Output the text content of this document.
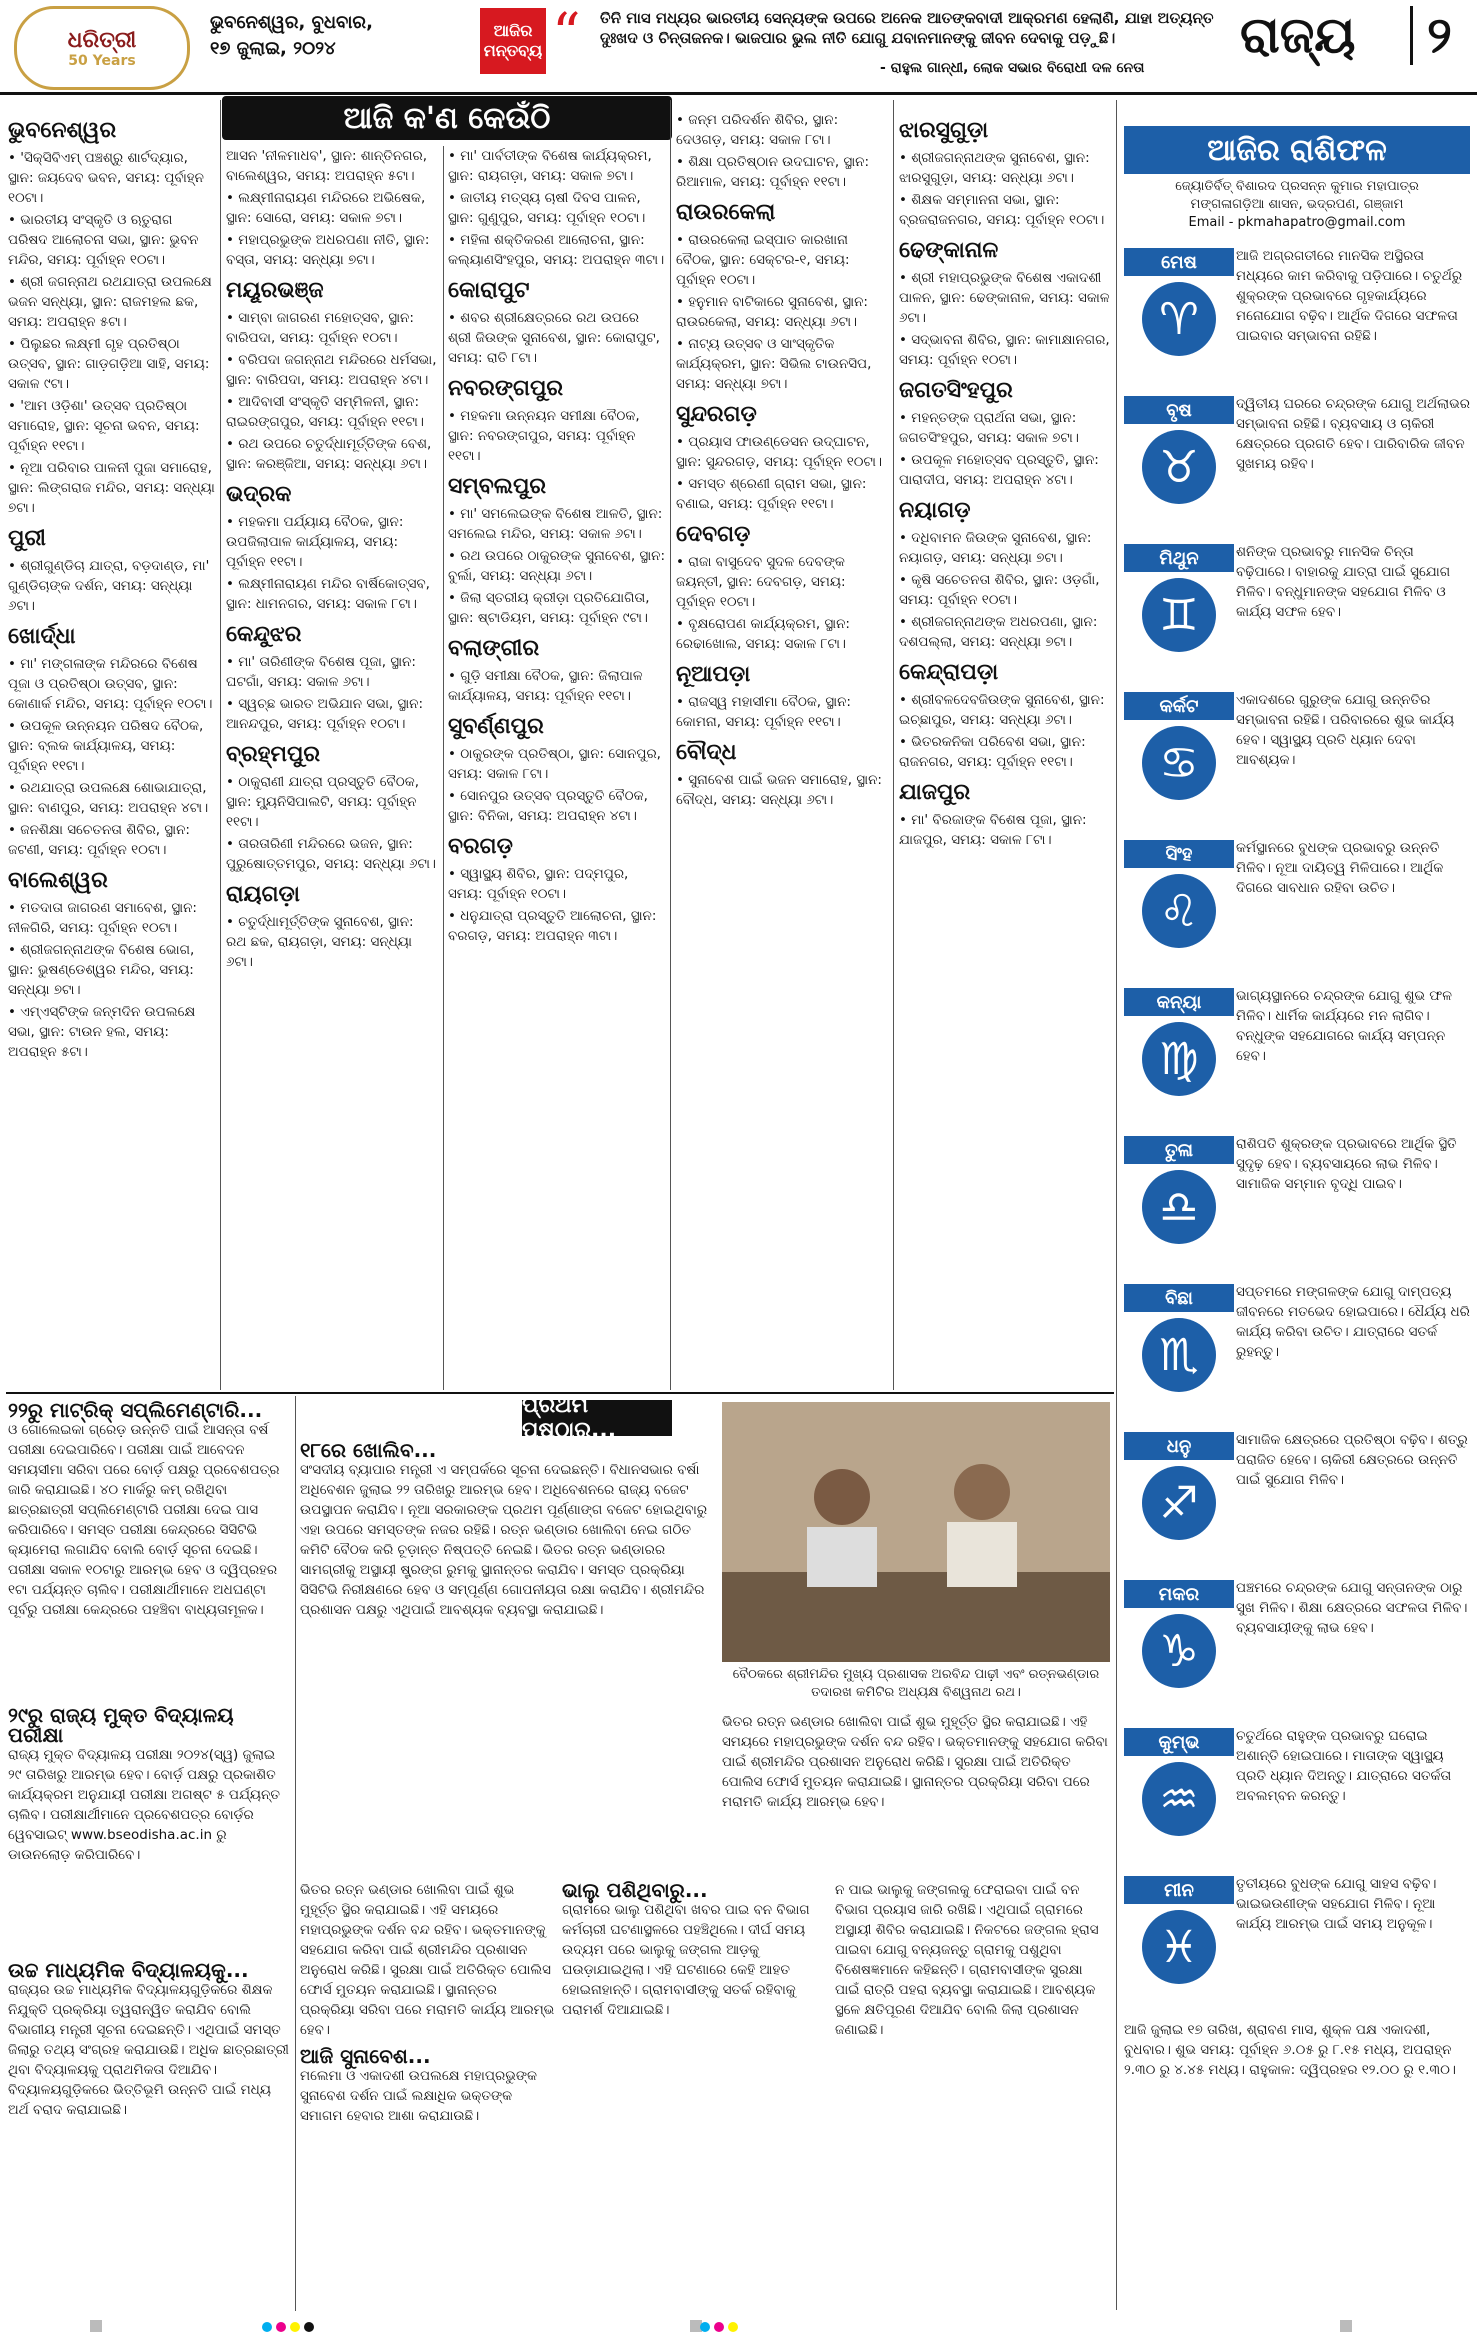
ଧରିତ୍ରୀ
50 Years
ଭୁବନେଶ୍ୱର, ବୁଧବାର,
୧୭ ଜୁଲାଇ, ୨୦୨୪
ଆଜିର ମନ୍ତବ୍ୟ “ ତିନି ମାସ ମଧ୍ୟର ଭାରତୀୟ ସେନ୍ୟଙ୍କ ଉପରେ ଅନେକ ଆତଙ୍କବାଦୀ ଆକ୍ରମଣ ହେଲାଣି, ଯାହା ଅତ୍ୟନ୍ତ ଦୁଃଖଦ ଓ ଚିନ୍ତାଜନକ। ଭାଜପାର ଭୁଲ ନୀତି ଯୋଗୁ ଯବାନମାନଙ୍କୁ ଜୀବନ ଦେବାକୁ ପଡ଼ୁଛି।
- ରାହୁଲ ଗାନ୍ଧୀ, ଲୋକ ସଭାର ବିରୋଧୀ ଦଳ ନେତା
ରାଜ୍ୟ	୨
ଆଜି କ'ଣ କେଉଁଠି
ଭୁବନେଶ୍ୱର

• 'ସିକ୍ସିବିଏମ୍ ପଞ୍ଚଶ୍ରୁ ଶାର୍ଟଦ୍ୟାର, ସ୍ଥାନ: ଜୟଦେବ ଭବନ, ସମୟ: ପୂର୍ବାହ୍ନ ୧୦ଟା।

• ଭାରତୀୟ ସଂସ୍କୃତି ଓ ଋତୁରାଗ ପରିଷଦ ଆଲୋଚନା ସଭା, ସ୍ଥାନ: ଭୁବନ ମନ୍ଦିର, ସମୟ: ପୂର୍ବାହ୍ନ ୧୦ଟା।

• ଶ୍ରୀ ଜଗନ୍ନାଥ ରଥଯାତ୍ରା ଉପଲକ୍ଷେ ଭଜନ ସନ୍ଧ୍ୟା, ସ୍ଥାନ: ରାଜମହଲ ଛକ, ସମୟ: ଅପରାହ୍ନ ୫ଟା।

• ପିଲୁଛର ଲକ୍ଷ୍ମୀ ଗୃହ ପ୍ରତିଷ୍ଠା ଉତ୍ସବ, ସ୍ଥାନ: ଗାଡ଼ଗଡ଼ିଆ ସାହି, ସମୟ: ସକାଳ ୯ଟା।

• 'ଆମ ଓଡ଼ିଶା' ଉତ୍ସବ ପ୍ରତିଷ୍ଠା ସମାରୋହ, ସ୍ଥାନ: ସୂଚନା ଭବନ, ସମୟ: ପୂର୍ବାହ୍ନ ୧୧ଟା।

• ନୂଆ ପରିବାର ପାଳନୀ ପୁଜା ସମାରୋହ, ସ୍ଥାନ: ଲିଙ୍ଗରାଜ ମନ୍ଦିର, ସମୟ: ସନ୍ଧ୍ୟା ୭ଟା।

ପୁରୀ

• ଶ୍ରୀଗୁଣ୍ଡିଚା ଯାତ୍ରା, ବଡ଼ଦାଣ୍ଡ, ମା' ଗୁଣ୍ଡିଚାଙ୍କ ଦର୍ଶନ, ସମୟ: ସନ୍ଧ୍ୟା ୬ଟା।

ଖୋର୍ଦ୍ଧା

• ମା' ମଙ୍ଗଳାଙ୍କ ମନ୍ଦିରରେ ବିଶେଷ ପୂଜା ଓ ପ୍ରତିଷ୍ଠା ଉତ୍ସବ, ସ୍ଥାନ: କୋଣାର୍କ ମନ୍ଦିର, ସମୟ: ପୂର୍ବାହ୍ନ ୧୦ଟା।

• ଉପକୂଳ ଉନ୍ନୟନ ପରିଷଦ ବୈଠକ, ସ୍ଥାନ: ବ୍ଲକ କାର୍ଯ୍ୟାଳୟ, ସମୟ: ପୂର୍ବାହ୍ନ ୧୧ଟା।

• ରଥଯାତ୍ରା ଉପଲକ୍ଷେ ଶୋଭାଯାତ୍ରା, ସ୍ଥାନ: ବାଣପୁର, ସମୟ: ଅପରାହ୍ନ ୪ଟା।

• ଜନଶିକ୍ଷା ସଚେତନତା ଶିବିର, ସ୍ଥାନ: ଜଟଣୀ, ସମୟ: ପୂର୍ବାହ୍ନ ୧୦ଟା।

ବାଲେଶ୍ୱର

• ମତଦାତା ଜାଗରଣ ସମାବେଶ, ସ୍ଥାନ: ନୀଳଗିରି, ସମୟ: ପୂର୍ବାହ୍ନ ୧୦ଟା।

• ଶ୍ରୀଜଗନ୍ନାଥଙ୍କ ବିଶେଷ ଭୋଗ, ସ୍ଥାନ: ଭୁଷଣ୍ଡେଶ୍ୱର ମନ୍ଦିର, ସମୟ: ସନ୍ଧ୍ୟା ୭ଟା।

• ଏମ୍‌ଏସ୍‌ଟିଙ୍କ ଜନ୍ମଦିନ ଉପଲକ୍ଷେ ସଭା, ସ୍ଥାନ: ଟାଉନ ହଲ, ସମୟ: ଅପରାହ୍ନ ୫ଟା।

ଆସନ 'ନୀଳମାଧବ', ସ୍ଥାନ: ଶାନ୍ତିନଗର, ବାଲେଶ୍ୱର, ସମୟ: ଅପରାହ୍ନ ୫ଟା।

• ଲକ୍ଷ୍ମୀନାରାୟଣ ମନ୍ଦିରରେ ଅଭିଷେକ, ସ୍ଥାନ: ସୋରୋ, ସମୟ: ସକାଳ ୭ଟା।

• ମହାପ୍ରଭୁଙ୍କ ଅଧରପଣା ନୀତି, ସ୍ଥାନ: ବସ୍ତା, ସମୟ: ସନ୍ଧ୍ୟା ୭ଟା।

ମୟୂରଭଞ୍ଜ

• ସାମ୍ବା ଜାଗରଣ ମହୋତ୍ସବ, ସ୍ଥାନ: ବାରିପଦା, ସମୟ: ପୂର୍ବାହ୍ନ ୧୦ଟା।

• ବରିପଦା ଜଗନ୍ନାଥ ମନ୍ଦିରରେ ଧର୍ମସଭା, ସ୍ଥାନ: ବାରିପଦା, ସମୟ: ଅପରାହ୍ନ ୪ଟା।

• ଆଦିବାସୀ ସଂସ୍କୃତି ସମ୍ମିଳନୀ, ସ୍ଥାନ: ରାଇରଙ୍ଗପୁର, ସମୟ: ପୂର୍ବାହ୍ନ ୧୧ଟା।

• ରଥ ଉପରେ ଚତୁର୍ଦ୍ଧାମୂର୍ତ୍ତିଙ୍କ ବେଶ, ସ୍ଥାନ: କରଞ୍ଜିଆ, ସମୟ: ସନ୍ଧ୍ୟା ୬ଟା।

ଭଦ୍ରକ

• ମହକମା ପର୍ଯ୍ୟାୟ ବୈଠକ, ସ୍ଥାନ: ଉପଜିଲାପାଳ କାର୍ଯ୍ୟାଳୟ, ସମୟ: ପୂର୍ବାହ୍ନ ୧୧ଟା।

• ଲକ୍ଷ୍ମୀନାରାୟଣ ମନ୍ଦିର ବାର୍ଷିକୋତ୍ସବ, ସ୍ଥାନ: ଧାମନଗର, ସମୟ: ସକାଳ ୮ଟା।

କେନ୍ଦୁଝର

• ମା' ତାରିଣୀଙ୍କ ବିଶେଷ ପୂଜା, ସ୍ଥାନ: ଘଟଗାଁ, ସମୟ: ସକାଳ ୬ଟା।

• ସ୍ୱଚ୍ଛ ଭାରତ ଅଭିଯାନ ସଭା, ସ୍ଥାନ: ଆନନ୍ଦପୁର, ସମୟ: ପୂର୍ବାହ୍ନ ୧୦ଟା।

ବ୍ରହ୍ମପୁର

• ଠାକୁରାଣୀ ଯାତ୍ରା ପ୍ରସ୍ତୁତି ବୈଠକ, ସ୍ଥାନ: ମ୍ୟୁନିସିପାଲଟି, ସମୟ: ପୂର୍ବାହ୍ନ ୧୧ଟା।

• ତାରତାରିଣୀ ମନ୍ଦିରରେ ଭଜନ, ସ୍ଥାନ: ପୁରୁଷୋତ୍ତମପୁର, ସମୟ: ସନ୍ଧ୍ୟା ୬ଟା।

ରାୟଗଡ଼ା

• ଚତୁର୍ଦ୍ଧାମୂର୍ତ୍ତିଙ୍କ ସୁନାବେଶ, ସ୍ଥାନ: ରଥ ଛକ, ରାୟଗଡ଼ା, ସମୟ: ସନ୍ଧ୍ୟା ୬ଟା।

• ମା' ପାର୍ବତୀଙ୍କ ବିଶେଷ କାର୍ଯ୍ୟକ୍ରମ, ସ୍ଥାନ: ରାୟଗଡ଼ା, ସମୟ: ସକାଳ ୭ଟା।

• ଜାତୀୟ ମତ୍ସ୍ୟ ଚାଷୀ ଦିବସ ପାଳନ, ସ୍ଥାନ: ଗୁଣୁପୁର, ସମୟ: ପୂର୍ବାହ୍ନ ୧୦ଟା।

• ମହିଳା ଶକ୍ତିକରଣ ଆଲୋଚନା, ସ୍ଥାନ: କଲ୍ୟାଣସିଂହପୁର, ସମୟ: ଅପରାହ୍ନ ୩ଟା।

କୋରାପୁଟ

• ଶବର ଶ୍ରୀକ୍ଷେତ୍ରରେ ରଥ ଉପରେ ଶ୍ରୀ ଜିଉଙ୍କ ସୁନାବେଶ, ସ୍ଥାନ: କୋରାପୁଟ, ସମୟ: ରାତି ୮ଟା।

ନବରଙ୍ଗପୁର

• ମହକମା ଉନ୍ନୟନ ସମୀକ୍ଷା ବୈଠକ, ସ୍ଥାନ: ନବରଙ୍ଗପୁର, ସମୟ: ପୂର୍ବାହ୍ନ ୧୧ଟା।

ସମ୍ବଲପୁର

• ମା' ସମଲେଇଙ୍କ ବିଶେଷ ଆଳତି, ସ୍ଥାନ: ସମଲେଇ ମନ୍ଦିର, ସମୟ: ସକାଳ ୬ଟା।

• ରଥ ଉପରେ ଠାକୁରଙ୍କ ସୁନାବେଶ, ସ୍ଥାନ: ବୁର୍ଲା, ସମୟ: ସନ୍ଧ୍ୟା ୬ଟା।

• ଜିଲା ସ୍ତରୀୟ କ୍ରୀଡ଼ା ପ୍ରତିଯୋଗିତା, ସ୍ଥାନ: ଷ୍ଟାଡିୟମ, ସମୟ: ପୂର୍ବାହ୍ନ ୯ଟା।

ବଲାଙ୍ଗୀର

• ଗୁଡ଼ି ସମୀକ୍ଷା ବୈଠକ, ସ୍ଥାନ: ଜିଲାପାଳ କାର୍ଯ୍ୟାଳୟ, ସମୟ: ପୂର୍ବାହ୍ନ ୧୧ଟା।

ସୁବର୍ଣ୍ଣପୁର

• ଠାକୁରଙ୍କ ପ୍ରତିଷ୍ଠା, ସ୍ଥାନ: ସୋନପୁର, ସମୟ: ସକାଳ ୮ଟା।

• ସୋନପୁର ଉତ୍ସବ ପ୍ରସ୍ତୁତି ବୈଠକ, ସ୍ଥାନ: ବିନିକା, ସମୟ: ଅପରାହ୍ନ ୪ଟା।

ବରଗଡ଼

• ସ୍ୱାସ୍ଥ୍ୟ ଶିବିର, ସ୍ଥାନ: ପଦ୍ମପୁର, ସମୟ: ପୂର୍ବାହ୍ନ ୧୦ଟା।

• ଧନୁଯାତ୍ରା ପ୍ରସ୍ତୁତି ଆଲୋଚନା, ସ୍ଥାନ: ବରଗଡ଼, ସମୟ: ଅପରାହ୍ନ ୩ଟା।

• ଜନ୍ମ ପରିଦର୍ଶନ ଶିବିର, ସ୍ଥାନ: ଦେଓଗଡ଼, ସମୟ: ସକାଳ ୮ଟା।

• ଶିକ୍ଷା ପ୍ରତିଷ୍ଠାନ ଉଦଘାଟନ, ସ୍ଥାନ: ରିଆମାଳ, ସମୟ: ପୂର୍ବାହ୍ନ ୧୧ଟା।

ରାଉରକେଲା

• ରାଉରକେଲା ଇସ୍ପାତ କାରଖାନା ବୈଠକ, ସ୍ଥାନ: ସେକ୍ଟର-୧, ସମୟ: ପୂର୍ବାହ୍ନ ୧୦ଟା।

• ହନୁମାନ ବାଟିକାରେ ସୁନାବେଶ, ସ୍ଥାନ: ରାଉରକେଲା, ସମୟ: ସନ୍ଧ୍ୟା ୬ଟା।

• ନାଟ୍ୟ ଉତ୍ସବ ଓ ସାଂସ୍କୃତିକ କାର୍ଯ୍ୟକ୍ରମ, ସ୍ଥାନ: ସିଭିଲ ଟାଉନସିପ, ସମୟ: ସନ୍ଧ୍ୟା ୭ଟା।

ସୁନ୍ଦରଗଡ଼

• ପ୍ରୟାସ ଫାଉଣ୍ଡେସନ ଉଦ୍‌ଘାଟନ, ସ୍ଥାନ: ସୁନ୍ଦରଗଡ଼, ସମୟ: ପୂର୍ବାହ୍ନ ୧୦ଟା।

• ସମସ୍ତ ଶ୍ରେଣୀ ଗ୍ରାମ ସଭା, ସ୍ଥାନ: ବଣାଇ, ସମୟ: ପୂର୍ବାହ୍ନ ୧୧ଟା।

ଦେବଗଡ଼

• ରାଜା ବାସୁଦେବ ସୁଦଳ ଦେବଙ୍କ ଜୟନ୍ତୀ, ସ୍ଥାନ: ଦେବଗଡ଼, ସମୟ: ପୂର୍ବାହ୍ନ ୧୦ଟା।

• ବୃକ୍ଷରୋପଣ କାର୍ଯ୍ୟକ୍ରମ, ସ୍ଥାନ: ରେଢାଖୋଲ, ସମୟ: ସକାଳ ୮ଟା।

ନୂଆପଡ଼ା

• ରାଜସ୍ୱ ମହାସୀମା ବୈଠକ, ସ୍ଥାନ: କୋମନା, ସମୟ: ପୂର୍ବାହ୍ନ ୧୧ଟା।

ବୌଦ୍ଧ

• ସୁନାବେଶ ପାଇଁ ଭଜନ ସମାରୋହ, ସ୍ଥାନ: ବୌଦ୍ଧ, ସମୟ: ସନ୍ଧ୍ୟା ୬ଟା।

ଝାରସୁଗୁଡ଼ା

• ଶ୍ରୀଜଗନ୍ନାଥଙ୍କ ସୁନାବେଶ, ସ୍ଥାନ: ଝାରସୁଗୁଡ଼ା, ସମୟ: ସନ୍ଧ୍ୟା ୬ଟା।

• ଶିକ୍ଷକ ସମ୍ମାନନା ସଭା, ସ୍ଥାନ: ବ୍ରଜରାଜନଗର, ସମୟ: ପୂର୍ବାହ୍ନ ୧୦ଟା।

ଢେଙ୍କାନାଳ

• ଶ୍ରୀ ମହାପ୍ରଭୁଙ୍କ ବିଶେଷ ଏକାଦଶୀ ପାଳନ, ସ୍ଥାନ: ଢେଙ୍କାନାଳ, ସମୟ: ସକାଳ ୬ଟା।

• ସଦ୍‌ଭାବନା ଶିବିର, ସ୍ଥାନ: କାମାକ୍ଷାନଗର, ସମୟ: ପୂର୍ବାହ୍ନ ୧୦ଟା।

ଜଗତସିଂହପୁର

• ମହନ୍ତଙ୍କ ପ୍ରାର୍ଥନା ସଭା, ସ୍ଥାନ: ଜଗତସିଂହପୁର, ସମୟ: ସକାଳ ୭ଟା।

• ଉପକୂଳ ମହୋତ୍ସବ ପ୍ରସ୍ତୁତି, ସ୍ଥାନ: ପାରାଦୀପ, ସମୟ: ଅପରାହ୍ନ ୪ଟା।

ନୟାଗଡ଼

• ଦଧିବାମନ ଜିଉଙ୍କ ସୁନାବେଶ, ସ୍ଥାନ: ନୟାଗଡ଼, ସମୟ: ସନ୍ଧ୍ୟା ୭ଟା।

• କୃଷି ସଚେତନତା ଶିବିର, ସ୍ଥାନ: ଓଡ଼ଗାଁ, ସମୟ: ପୂର୍ବାହ୍ନ ୧୦ଟା।

• ଶ୍ରୀଜଗନ୍ନାଥଙ୍କ ଅଧରପଣା, ସ୍ଥାନ: ଦଶପଲ୍ଲା, ସମୟ: ସନ୍ଧ୍ୟା ୭ଟା।

କେନ୍ଦ୍ରାପଡ଼ା

• ଶ୍ରୀବଳଦେବଜିଉଙ୍କ ସୁନାବେଶ, ସ୍ଥାନ: ଇଚ୍ଛାପୁର, ସମୟ: ସନ୍ଧ୍ୟା ୬ଟା।

• ଭିତରକନିକା ପରିବେଶ ସଭା, ସ୍ଥାନ: ରାଜନଗର, ସମୟ: ପୂର୍ବାହ୍ନ ୧୧ଟା।

ଯାଜପୁର

• ମା' ବିରଜାଙ୍କ ବିଶେଷ ପୂଜା, ସ୍ଥାନ: ଯାଜପୁର, ସମୟ: ସକାଳ ୮ଟା।

ଆଜିର ରାଶିଫଳ
ଜ୍ୟୋତିର୍ବିତ୍‌ ବିଶାରଦ ପ୍ରସନ୍ନ କୁମାର ମହାପାତ୍ର
ମଙ୍ଗଳାଗଡ଼ିଆ ଶାସନ, ଭଦ୍ରପଣ, ଗଞ୍ଜାମ
Email - pkmahapatro@gmail.com
ମେଷ
♈
ଆଜି ଅଗ୍ରଗତୀରେ ମାନସିକ ଅସ୍ଥିରତା ମଧ୍ୟରେ କାମ କରିବାକୁ ପଡ଼ିପାରେ। ଚତୁର୍ଥରୁ ଶୁକ୍ରଙ୍କ ପ୍ରଭାବରେ ଗୃହକାର୍ଯ୍ୟରେ ମନୋଯୋଗ ବଢ଼ିବ। ଆର୍ଥିକ ଦିଗରେ ସଫଳତା ପାଇବାର ସମ୍ଭାବନା ରହିଛି।
ବୃଷ
♉
ଦ୍ୱିତୀୟ ଘରରେ ଚନ୍ଦ୍ରଙ୍କ ଯୋଗୁ ଅର୍ଥଲାଭର ସମ୍ଭାବନା ରହିଛି। ବ୍ୟବସାୟ ଓ ଚାକିରୀ କ୍ଷେତ୍ରରେ ପ୍ରଗତି ହେବ। ପାରିବାରିକ ଜୀବନ ସୁଖମୟ ରହିବ।
ମିଥୁନ
♊
ଶନିଙ୍କ ପ୍ରଭାବରୁ ମାନସିକ ଚିନ୍ତା ବଢ଼ିପାରେ। ବାହାରକୁ ଯାତ୍ରା ପାଇଁ ସୁଯୋଗ ମିଳିବ। ବନ୍ଧୁମାନଙ୍କ ସହଯୋଗ ମିଳିବ ଓ କାର୍ଯ୍ୟ ସଫଳ ହେବ।
କର୍କଟ
♋
ଏକାଦଶରେ ଗୁରୁଙ୍କ ଯୋଗୁ ଉନ୍ନତିର ସମ୍ଭାବନା ରହିଛି। ପରିବାରରେ ଶୁଭ କାର୍ଯ୍ୟ ହେବ। ସ୍ୱାସ୍ଥ୍ୟ ପ୍ରତି ଧ୍ୟାନ ଦେବା ଆବଶ୍ୟକ।
ସିଂହ
♌
କର୍ମସ୍ଥାନରେ ବୁଧଙ୍କ ପ୍ରଭାବରୁ ଉନ୍ନତି ମିଳିବ। ନୂଆ ଦାୟିତ୍ୱ ମିଳିପାରେ। ଆର୍ଥିକ ଦିଗରେ ସାବଧାନ ରହିବା ଉଚିତ।
କନ୍ୟା
♍
ଭାଗ୍ୟସ୍ଥାନରେ ଚନ୍ଦ୍ରଙ୍କ ଯୋଗୁ ଶୁଭ ଫଳ ମିଳିବ। ଧାର୍ମିକ କାର୍ଯ୍ୟରେ ମନ ଲାଗିବ। ବନ୍ଧୁଙ୍କ ସହଯୋଗରେ କାର୍ଯ୍ୟ ସମ୍ପନ୍ନ ହେବ।
ତୁଳା
♎
ରାଶିପତି ଶୁକ୍ରଙ୍କ ପ୍ରଭାବରେ ଆର୍ଥିକ ସ୍ଥିତି ସୁଦୃଢ଼ ହେବ। ବ୍ୟବସାୟରେ ଲାଭ ମିଳିବ। ସାମାଜିକ ସମ୍ମାନ ବୃଦ୍ଧି ପାଇବ।
ବିଛା
♏
ସପ୍ତମରେ ମଙ୍ଗଳଙ୍କ ଯୋଗୁ ଦାମ୍ପତ୍ୟ ଜୀବନରେ ମତଭେଦ ହୋଇପାରେ। ଧୈର୍ଯ୍ୟ ଧରି କାର୍ଯ୍ୟ କରିବା ଉଚିତ। ଯାତ୍ରାରେ ସତର୍କ ରୁହନ୍ତୁ।
ଧନୁ
♐
ସାମାଜିକ କ୍ଷେତ୍ରରେ ପ୍ରତିଷ୍ଠା ବଢ଼ିବ। ଶତ୍ରୁ ପରାଜିତ ହେବେ। ଚାକିରୀ କ୍ଷେତ୍ରରେ ଉନ୍ନତି ପାଇଁ ସୁଯୋଗ ମିଳିବ।
ମକର
♑
ପଞ୍ଚମରେ ଚନ୍ଦ୍ରଙ୍କ ଯୋଗୁ ସନ୍ତାନଙ୍କ ଠାରୁ ସୁଖ ମିଳିବ। ଶିକ୍ଷା କ୍ଷେତ୍ରରେ ସଫଳତା ମିଳିବ। ବ୍ୟବସାୟୀଙ୍କୁ ଲାଭ ହେବ।
କୁମ୍ଭ
♒
ଚତୁର୍ଥରେ ରାହୁଙ୍କ ପ୍ରଭାବରୁ ଘରୋଇ ଅଶାନ୍ତି ହୋଇପାରେ। ମାତାଙ୍କ ସ୍ୱାସ୍ଥ୍ୟ ପ୍ରତି ଧ୍ୟାନ ଦିଅନ୍ତୁ। ଯାତ୍ରାରେ ସତର୍କତା ଅବଲମ୍ବନ କରନ୍ତୁ।
ମୀନ
♓
ତୃତୀୟରେ ବୁଧଙ୍କ ଯୋଗୁ ସାହସ ବଢ଼ିବ। ଭାଇଭଉଣୀଙ୍କ ସହଯୋଗ ମିଳିବ। ନୂଆ କାର୍ଯ୍ୟ ଆରମ୍ଭ ପାଇଁ ସମୟ ଅନୁକୂଳ।
ଆଜି ଜୁଲାଇ ୧୭ ତାରିଖ, ଶ୍ରାବଣ ମାସ, ଶୁକ୍ଳ ପକ୍ଷ ଏକାଦଶୀ, ବୁଧବାର। ଶୁଭ ସମୟ: ପୂର୍ବାହ୍ନ ୬.୦୫ ରୁ ୮.୧୫ ମଧ୍ୟ, ଅପରାହ୍ନ ୨.୩୦ ରୁ ୪.୪୫ ମଧ୍ୟ। ରାହୁକାଳ: ଦ୍ୱିପ୍ରହର ୧୨.୦୦ ରୁ ୧.୩୦।
୨୨ରୁ ମାଟ୍ରିକ୍ ସପ୍ଲିମେଣ୍ଟାରି...

ଓ ଗୋଲେଇକା ଗ୍ରେଡ଼ ଉନ୍ନତି ପାଇଁ ଆସନ୍ତା ବର୍ଷ ପରୀକ୍ଷା ଦେଇପାରିବେ। ପରୀକ୍ଷା ପାଇଁ ଆବେଦନ ସମୟସୀମା ସରିବା ପରେ ବୋର୍ଡ଼ ପକ୍ଷରୁ ପ୍ରବେଶପତ୍ର ଜାରି କରାଯାଇଛି। ୪୦ ମାର୍କରୁ କମ୍ ରଖିଥିବା ଛାତ୍ରଛାତ୍ରୀ ସପ୍ଲିମେଣ୍ଟାରି ପରୀକ୍ଷା ଦେଇ ପାସ କରିପାରିବେ। ସମସ୍ତ ପରୀକ୍ଷା କେନ୍ଦ୍ରରେ ସିସିଟିଭି କ୍ୟାମେରା ଲଗାଯିବ ବୋଲି ବୋର୍ଡ଼ ସୂଚନା ଦେଇଛି। ପରୀକ୍ଷା ସକାଳ ୧୦ଟାରୁ ଆରମ୍ଭ ହେବ ଓ ଦ୍ୱିପ୍ରହର ୧ଟା ପର୍ଯ୍ୟନ୍ତ ଚାଲିବ। ପରୀକ୍ଷାର୍ଥୀମାନେ ଅଧଘଣ୍ଟା ପୂର୍ବରୁ ପରୀକ୍ଷା କେନ୍ଦ୍ରରେ ପହଞ୍ଚିବା ବାଧ୍ୟତାମୂଳକ।

୨୯ରୁ ରାଜ୍ୟ ମୁକ୍ତ ବିଦ୍ୟାଳୟ ପରୀକ୍ଷା

ରାଜ୍ୟ ମୁକ୍ତ ବିଦ୍ୟାଳୟ ପରୀକ୍ଷା ୨୦୨୪(ସ୍ୱ) ଜୁଲାଇ ୨୯ ତାରିଖରୁ ଆରମ୍ଭ ହେବ। ବୋର୍ଡ଼ ପକ୍ଷରୁ ପ୍ରକାଶିତ କାର୍ଯ୍ୟକ୍ରମ ଅନୁଯାୟୀ ପରୀକ୍ଷା ଅଗଷ୍ଟ ୫ ପର୍ଯ୍ୟନ୍ତ ଚାଲିବ। ପରୀକ୍ଷାର୍ଥୀମାନେ ପ୍ରବେଶପତ୍ର ବୋର୍ଡ଼ର ୱେବସାଇଟ୍ www.bseodisha.ac.in ରୁ ଡାଉନଲୋଡ଼ କରିପାରିବେ।

ଉଚ୍ଚ ମାଧ୍ୟମିକ ବିଦ୍ୟାଳୟକୁ...

ରାଜ୍ୟର ଉଚ୍ଚ ମାଧ୍ୟମିକ ବିଦ୍ୟାଳୟଗୁଡ଼ିକରେ ଶିକ୍ଷକ ନିଯୁକ୍ତି ପ୍ରକ୍ରିୟା ତ୍ୱରାନ୍ୱିତ କରାଯିବ ବୋଲି ବିଭାଗୀୟ ମନ୍ତ୍ରୀ ସୂଚନା ଦେଇଛନ୍ତି। ଏଥିପାଇଁ ସମସ୍ତ ଜିଲାରୁ ତଥ୍ୟ ସଂଗ୍ରହ କରାଯାଉଛି। ଅଧିକ ଛାତ୍ରଛାତ୍ରୀ ଥିବା ବିଦ୍ୟାଳୟକୁ ପ୍ରାଥମିକତା ଦିଆଯିବ। ବିଦ୍ୟାଳୟଗୁଡ଼ିକରେ ଭିତ୍ତିଭୂମି ଉନ୍ନତି ପାଇଁ ମଧ୍ୟ ଅର୍ଥ ବରାଦ କରାଯାଇଛି।

ପ୍ରଥମ ପୃଷ୍ଠାରୁ...
୧୮ରେ ଖୋଲିବ...

ସଂସଦୀୟ ବ୍ୟାପାର ମନ୍ତ୍ରୀ ଏ ସମ୍ପର୍କରେ ସୂଚନା ଦେଇଛନ୍ତି। ବିଧାନସଭାର ବର୍ଷା ଅଧିବେଶନ ଜୁଲାଇ ୨୨ ତାରିଖରୁ ଆରମ୍ଭ ହେବ। ଅଧିବେଶନରେ ରାଜ୍ୟ ବଜେଟ ଉପସ୍ଥାପନ କରାଯିବ। ନୂଆ ସରକାରଙ୍କ ପ୍ରଥମ ପୂର୍ଣ୍ଣାଙ୍ଗ ବଜେଟ ହୋଇଥିବାରୁ ଏହା ଉପରେ ସମସ୍ତଙ୍କ ନଜର ରହିଛି। ରତ୍ନ ଭଣ୍ଡାର ଖୋଲିବା ନେଇ ଗଠିତ କମିଟି ବୈଠକ କରି ଚୂଡ଼ାନ୍ତ ନିଷ୍ପତ୍ତି ନେଇଛି। ଭିତର ରତ୍ନ ଭଣ୍ଡାରର ସାମଗ୍ରୀକୁ ଅସ୍ଥାୟୀ ଷ୍ଟ୍ରଙ୍ଗ ରୁମକୁ ସ୍ଥାନାନ୍ତର କରାଯିବ। ସମସ୍ତ ପ୍ରକ୍ରିୟା ସିସିଟିଭି ନିରୀକ୍ଷଣରେ ହେବ ଓ ସମ୍ପୂର୍ଣ୍ଣ ଗୋପନୀୟତା ରକ୍ଷା କରାଯିବ। ଶ୍ରୀମନ୍ଦିର ପ୍ରଶାସନ ପକ୍ଷରୁ ଏଥିପାଇଁ ଆବଶ୍ୟକ ବ୍ୟବସ୍ଥା କରାଯାଇଛି।

ବୈଠକରେ ଶ୍ରୀମନ୍ଦିର ମୁଖ୍ୟ ପ୍ରଶାସକ ଅରବିନ୍ଦ ପାଢ଼ୀ ଏବଂ ରତ୍ନଭଣ୍ଡାର ତଦାରଖ କମିଟିର ଅଧ୍ୟକ୍ଷ ବିଶ୍ୱନାଥ ରଥ।

ଭିତର ରତ୍ନ ଭଣ୍ଡାର ଖୋଲିବା ପାଇଁ ଶୁଭ ମୁହୂର୍ତ୍ତ ସ୍ଥିର କରାଯାଇଛି। ଏହି ସମୟରେ ମହାପ୍ରଭୁଙ୍କ ଦର୍ଶନ ବନ୍ଦ ରହିବ। ଭକ୍ତମାନଙ୍କୁ ସହଯୋଗ କରିବା ପାଇଁ ଶ୍ରୀମନ୍ଦିର ପ୍ରଶାସନ ଅନୁରୋଧ କରିଛି। ସୁରକ୍ଷା ପାଇଁ ଅତିରିକ୍ତ ପୋଲିସ ଫୋର୍ସ ମୁତୟନ କରାଯାଇଛି। ସ୍ଥାନାନ୍ତର ପ୍ରକ୍ରିୟା ସରିବା ପରେ ମରାମତି କାର୍ଯ୍ୟ ଆରମ୍ଭ ହେବ।

ଭିତର ରତ୍ନ ଭଣ୍ଡାର ଖୋଲିବା ପାଇଁ ଶୁଭ ମୁହୂର୍ତ୍ତ ସ୍ଥିର କରାଯାଇଛି। ଏହି ସମୟରେ ମହାପ୍ରଭୁଙ୍କ ଦର୍ଶନ ବନ୍ଦ ରହିବ। ଭକ୍ତମାନଙ୍କୁ ସହଯୋଗ କରିବା ପାଇଁ ଶ୍ରୀମନ୍ଦିର ପ୍ରଶାସନ ଅନୁରୋଧ କରିଛି। ସୁରକ୍ଷା ପାଇଁ ଅତିରିକ୍ତ ପୋଲିସ ଫୋର୍ସ ମୁତୟନ କରାଯାଇଛି। ସ୍ଥାନାନ୍ତର ପ୍ରକ୍ରିୟା ସରିବା ପରେ ମରାମତି କାର୍ଯ୍ୟ ଆରମ୍ଭ ହେବ।

ଆଜି ସୁନାବେଶ...

ମଲେମା ଓ ଏକାଦଶୀ ଉପଲକ୍ଷେ ମହାପ୍ରଭୁଙ୍କ ସୁନାବେଶ ଦର୍ଶନ ପାଇଁ ଲକ୍ଷାଧିକ ଭକ୍ତଙ୍କ ସମାଗମ ହେବାର ଆଶା କରାଯାଉଛି।

ଭାଲୁ ପଶିଥିବାରୁ...

ଗ୍ରାମରେ ଭାଲୁ ପଶିଥିବା ଖବର ପାଇ ବନ ବିଭାଗ କର୍ମଚାରୀ ଘଟଣାସ୍ଥଳରେ ପହଞ୍ଚିଥିଲେ। ଦୀର୍ଘ ସମୟ ଉଦ୍ୟମ ପରେ ଭାଲୁକୁ ଜଙ୍ଗଲ ଆଡ଼କୁ ଘଉଡ଼ାଯାଇଥିଲା। ଏହି ଘଟଣାରେ କେହି ଆହତ ହୋଇନାହାନ୍ତି। ଗ୍ରାମବାସୀଙ୍କୁ ସତର୍କ ରହିବାକୁ ପରାମର୍ଶ ଦିଆଯାଇଛି।

ନ ପାଇ ଭାଲୁକୁ ଜଙ୍ଗଲକୁ ଫେରାଇବା ପାଇଁ ବନ ବିଭାଗ ପ୍ରୟାସ ଜାରି ରଖିଛି। ଏଥିପାଇଁ ଗ୍ରାମରେ ଅସ୍ଥାୟୀ ଶିବିର କରାଯାଇଛି। ନିକଟରେ ଜଙ୍ଗଲ ହ୍ରାସ ପାଇବା ଯୋଗୁ ବନ୍ୟଜନ୍ତୁ ଗ୍ରାମକୁ ପଶୁଥିବା ବିଶେଷଜ୍ଞମାନେ କହିଛନ୍ତି। ଗ୍ରାମବାସୀଙ୍କ ସୁରକ୍ଷା ପାଇଁ ରାତ୍ରି ପହରା ବ୍ୟବସ୍ଥା କରାଯାଇଛି। ଆବଶ୍ୟକ ସ୍ଥଳେ କ୍ଷତିପୂରଣ ଦିଆଯିବ ବୋଲି ଜିଲା ପ୍ରଶାସନ ଜଣାଇଛି।
